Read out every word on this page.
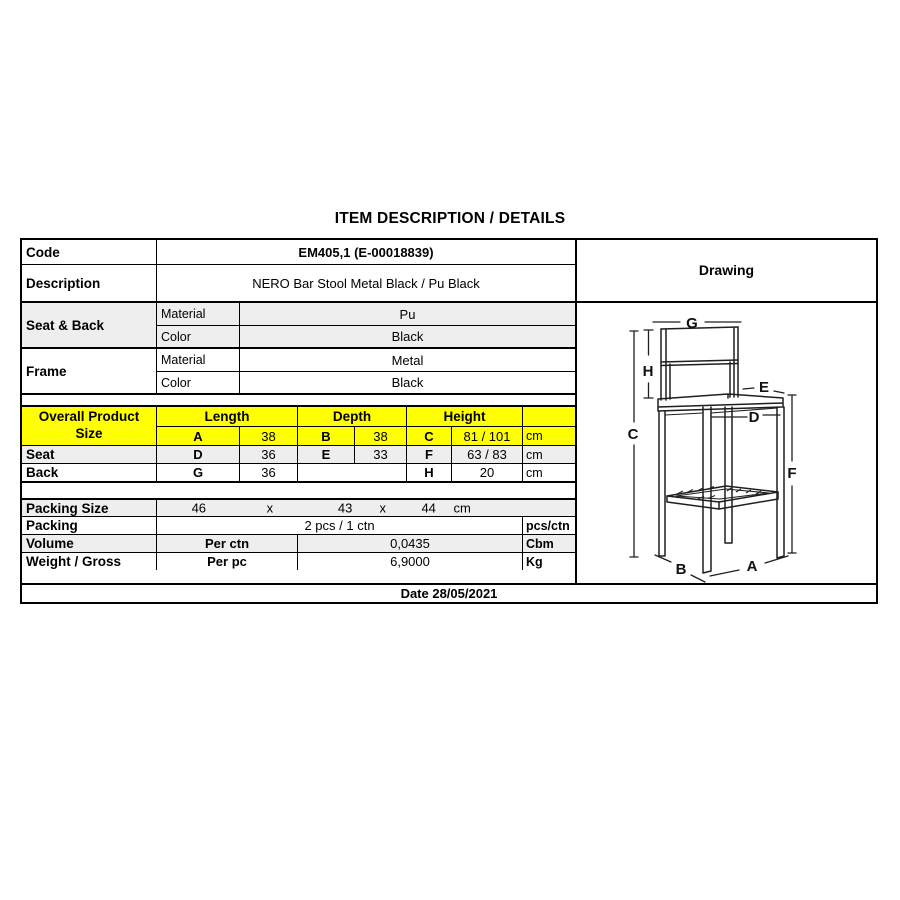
ITEM DESCRIPTION / DETAILS
Code	EM405,1 (E-00018839)
Description	NERO Bar Stool Metal Black / Pu Black
Seat & Back
Material	Pu
Color	Black
Frame
Material	Metal
Color	Black
Overall Product
Size
Length	Depth	Height
A	38	B	38	C	81 / 101	cm
Seat	D	36	E	33	F	63 / 83	cm
Back	G	36	H	20	cm
Packing Size	46	x	43 x	44 cm
Packing	2 pcs / 1 ctn	pcs/ctn
Volume	Per ctn	0,0435	Cbm
Weight / Gross	Per pc	6,9000	Kg
Drawing
G
H
C
F
E
D
A
B
Date 28/05/2021
